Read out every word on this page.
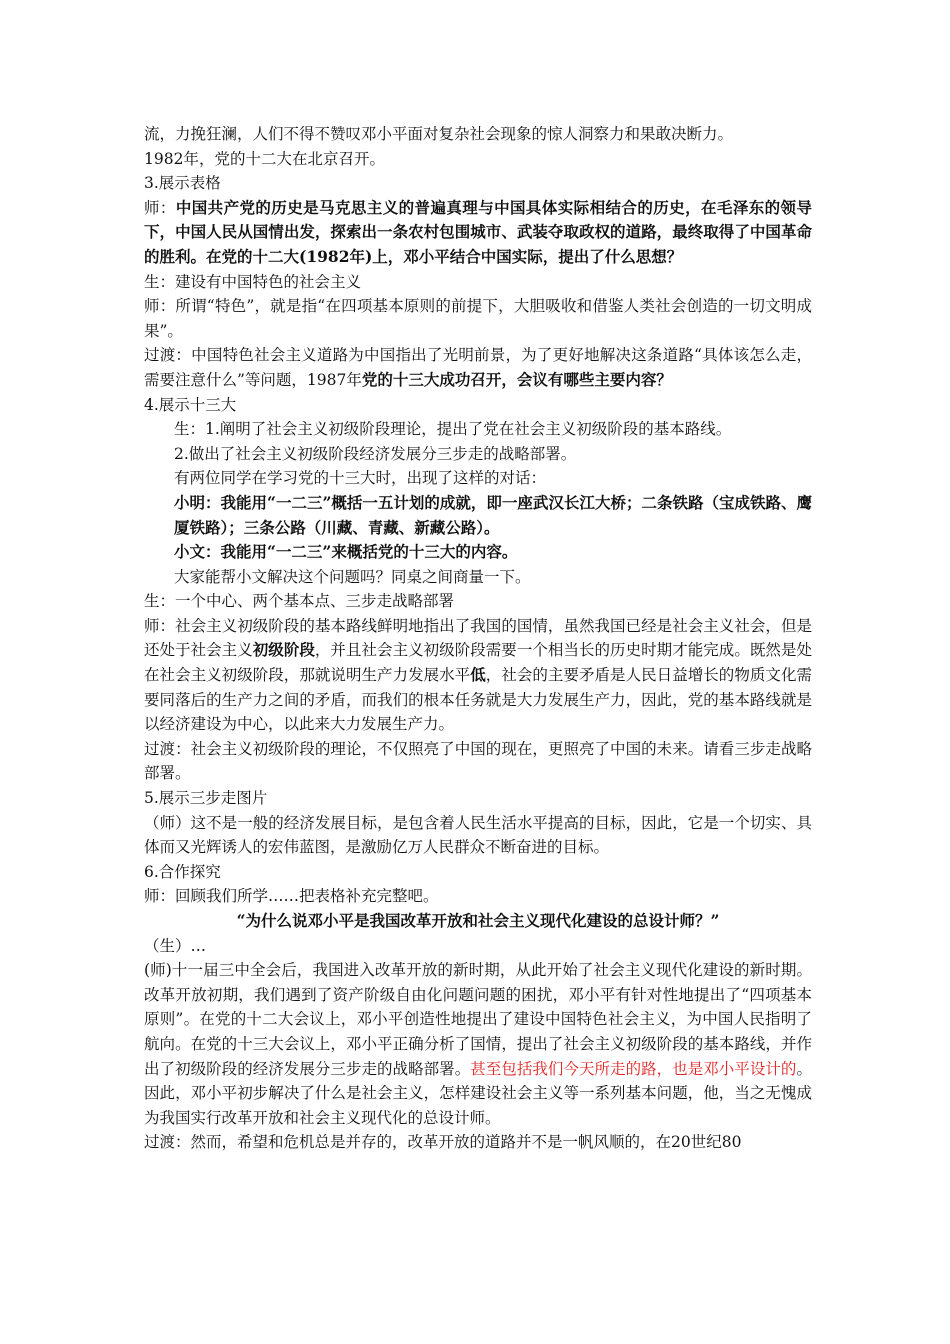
流，力挽狂澜，人们不得不赞叹邓小平面对复杂社会现象的惊人洞察力和果敢决断力。

1982年，党的十二大在北京召开。

3.展示表格

师：中国共产党的历史是马克思主义的普遍真理与中国具体实际相结合的历史，在毛泽东的领导下，中国人民从国情出发，探索出一条农村包围城市、武装夺取政权的道路，最终取得了中国革命的胜利。在党的十二大(1982年)上，邓小平结合中国实际，提出了什么思想？

生：建设有中国特色的社会主义

师：所谓“特色”，就是指“在四项基本原则的前提下，大胆吸收和借鉴人类社会创造的一切文明成果”。

过渡：中国特色社会主义道路为中国指出了光明前景，为了更好地解决这条道路“具体该怎么走，需要注意什么”等问题，1987年党的十三大成功召开，会议有哪些主要内容？

4.展示十三大

生：1.阐明了社会主义初级阶段理论，提出了党在社会主义初级阶段的基本路线。

2.做出了社会主义初级阶段经济发展分三步走的战略部署。

有两位同学在学习党的十三大时，出现了这样的对话：

小明：我能用“一二三”概括一五计划的成就，即一座武汉长江大桥；二条铁路（宝成铁路、鹰厦铁路）；三条公路（川藏、青藏、新藏公路）。

小文：我能用“一二三”来概括党的十三大的内容。

大家能帮小文解决这个问题吗？同桌之间商量一下。

生：一个中心、两个基本点、三步走战略部署

师：社会主义初级阶段的基本路线鲜明地指出了我国的国情，虽然我国已经是社会主义社会，但是还处于社会主义初级阶段，并且社会主义初级阶段需要一个相当长的历史时期才能完成。既然是处在社会主义初级阶段，那就说明生产力发展水平低，社会的主要矛盾是人民日益增长的物质文化需要同落后的生产力之间的矛盾，而我们的根本任务就是大力发展生产力，因此，党的基本路线就是以经济建设为中心，以此来大力发展生产力。

过渡：社会主义初级阶段的理论，不仅照亮了中国的现在，更照亮了中国的未来。请看三步走战略部署。

5.展示三步走图片

（师）这不是一般的经济发展目标，是包含着人民生活水平提高的目标，因此，它是一个切实、具体而又光辉诱人的宏伟蓝图，是激励亿万人民群众不断奋进的目标。

6.合作探究

师：回顾我们所学……把表格补充完整吧。

“为什么说邓小平是我国改革开放和社会主义现代化建设的总设计师？”

（生）…

(师)十一届三中全会后，我国进入改革开放的新时期，从此开始了社会主义现代化建设的新时期。改革开放初期，我们遇到了资产阶级自由化问题问题的困扰，邓小平有针对性地提出了“四项基本原则”。在党的十二大会议上，邓小平创造性地提出了建设中国特色社会主义，为中国人民指明了航向。在党的十三大会议上，邓小平正确分析了国情，提出了社会主义初级阶段的基本路线，并作出了初级阶段的经济发展分三步走的战略部署。甚至包括我们今天所走的路，也是邓小平设计的。因此，邓小平初步解决了什么是社会主义，怎样建设社会主义等一系列基本问题，他，当之无愧成为我国实行改革开放和社会主义现代化的总设计师。

过渡：然而，希望和危机总是并存的，改革开放的道路并不是一帆风顺的，在20世纪80
